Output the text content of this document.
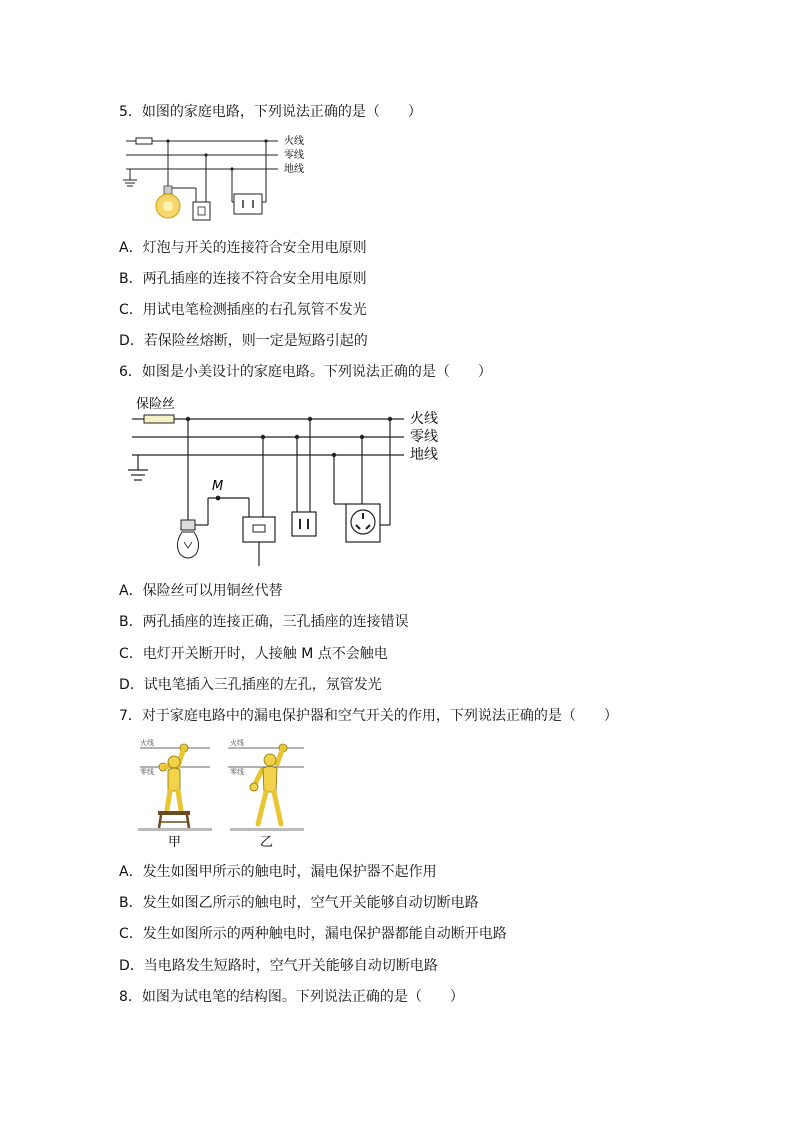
5．如图的家庭电路，下列说法正确的是（　　）
火线
零线
地线
A．灯泡与开关的连接符合安全用电原则
B．两孔插座的连接不符合安全用电原则
C．用试电笔检测插座的右孔氖管不发光
D．若保险丝熔断，则一定是短路引起的
6．如图是小美设计的家庭电路。下列说法正确的是（　　）
保险丝
M
火线
零线
地线
A．保险丝可以用铜丝代替
B．两孔插座的连接正确，三孔插座的连接错误
C．电灯开关断开时，人接触 M 点不会触电
D．试电笔插入三孔插座的左孔，氖管发光
7．对于家庭电路中的漏电保护器和空气开关的作用，下列说法正确的是（　　）
火线
零线
甲
火线
零线
乙
A．发生如图甲所示的触电时，漏电保护器不起作用
B．发生如图乙所示的触电时，空气开关能够自动切断电路
C．发生如图所示的两种触电时，漏电保护器都能自动断开电路
D．当电路发生短路时，空气开关能够自动切断电路
8．如图为试电笔的结构图。下列说法正确的是（　　）
